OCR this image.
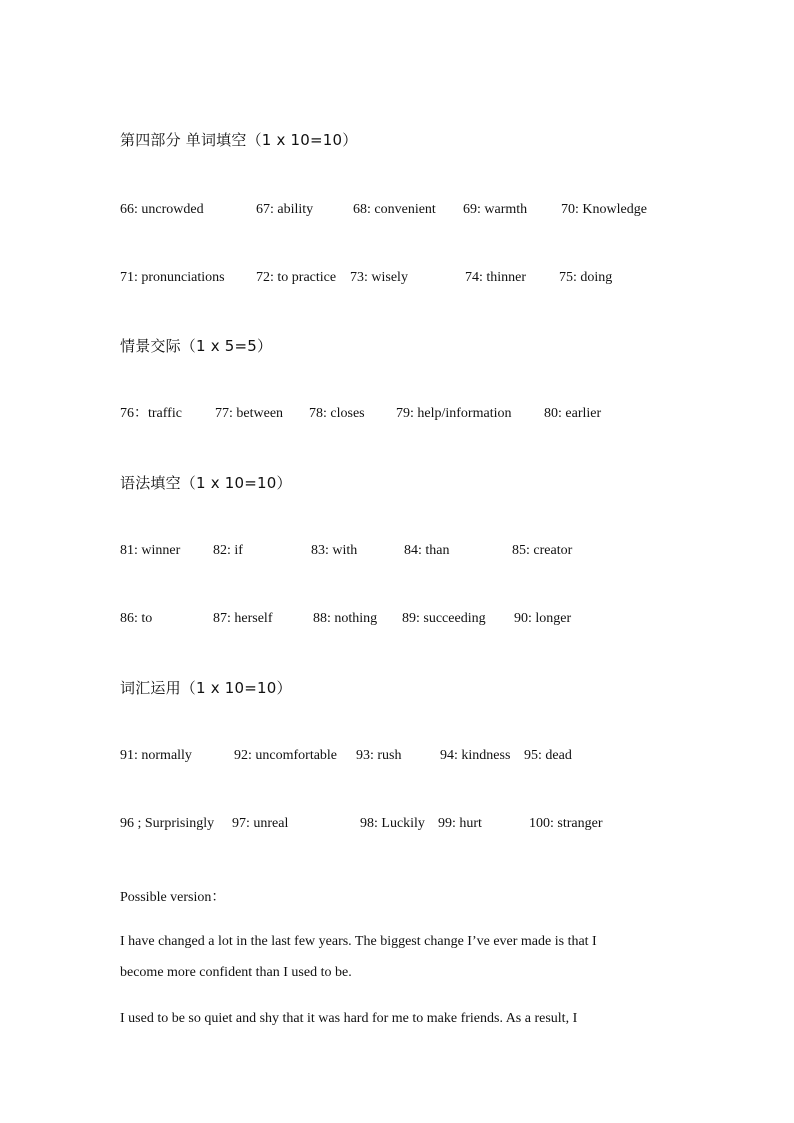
第四部分 单词填空（1 x 10=10）
66: uncrowded	67: ability	68: convenient 69: warmth 70: Knowledge
71: pronunciations 72: to practice 73: wisely	74: thinner 75: doing
情景交际（1 x 5=5）
76：traffic 77: between 78: closes 79: help/information 80: earlier
语法填空（1 x 10=10）
81: winner 82: if	83: with	84: than	85: creator
86: to	87: herself	88: nothing 89: succeeding 90: longer
词汇运用（1 x 10=10）
91: normally	92: uncomfortable 93: rush	94: kindness 95: dead
96 ; Surprisingly 97: unreal	98: Luckily 99: hurt	100: stranger
Possible version：
I have changed a lot in the last few years. The biggest change I’ve ever made is that I
become more confident than I used to be.
I used to be so quiet and shy that it was hard for me to make friends. As a result, I
